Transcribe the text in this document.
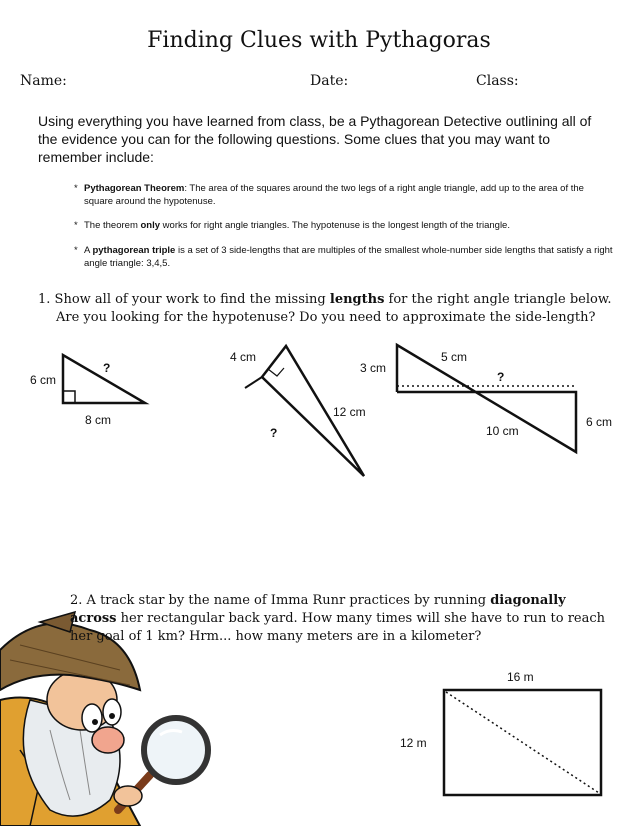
Finding Clues with Pythagoras
Name:	Date:	Class:
Using everything you have learned from class, be a Pythagorean Detective outlining all of the evidence you can for the following questions. Some clues that you may want to remember include:
* Pythagorean Theorem: The area of the squares around the two legs of a right angle triangle, add up to the area of the square around the hypotenuse.
* The theorem only works for right angle triangles. The hypotenuse is the longest length of the triangle.
* A pythagorean triple is a set of 3 side-lengths that are multiples of the smallest whole-number side lengths that satisfy a right angle triangle: 3,4,5.
1. Show all of your work to find the missing lengths for the right angle triangle below.
Are you looking for the hypotenuse? Do you need to approximate the side-length?
6 cm
8 cm
?
4 cm
12 cm
?
3 cm
5 cm
10 cm
6 cm
?
2. A track star by the name of Imma Runr practices by running diagonally across her rectangular back yard. How many times will she have to run to reach her goal of 1 km? Hrm... how many meters are in a kilometer?
16 m
12 m
